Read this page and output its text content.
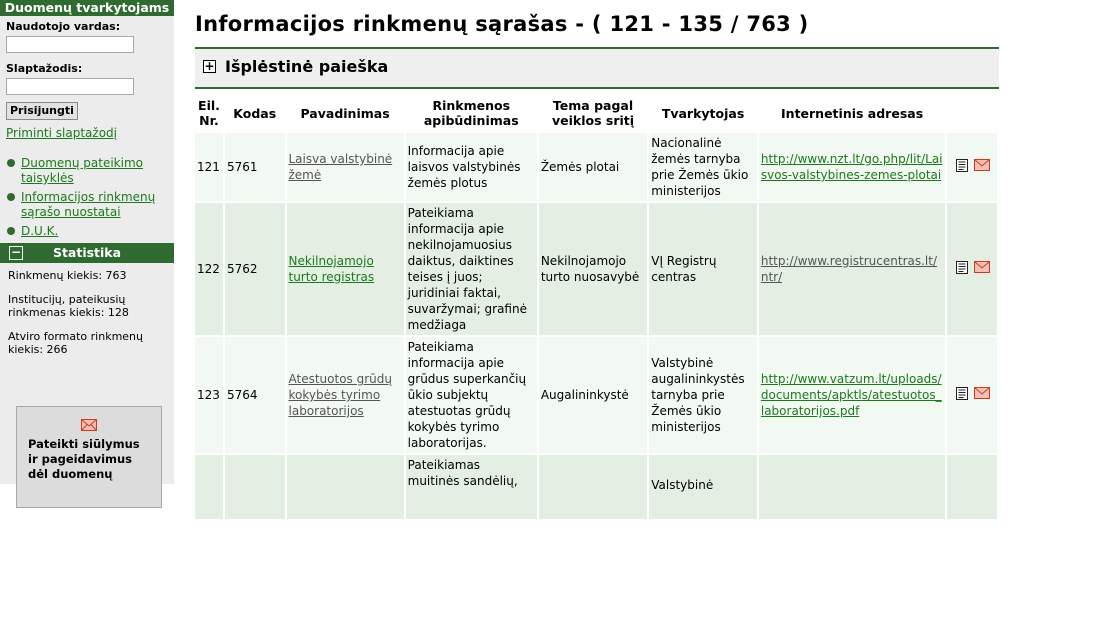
Duomenų tvarkytojams
Naudotojo vardas:
Slaptažodis:
Prisijungti
Priminti slaptažodį
Duomenų pateikimo taisyklės
Informacijos rinkmenų sąrašo nuostatai
D.U.K.
−	Statistika
Rinkmenų kiekis: 763
Institucijų, pateikusių rinkmenas kiekis: 128
Atviro formato rinkmenų kiekis: 266
Pateikti siūlymus ir pageidavimus dėl duomenų
Informacijos rinkmenų sąrašas - ( 121 - 135 / 763 )
+ Išplėstinė paieška
Eil. Nr.	Kodas	Pavadinimas	Rinkmenos apibūdinimas	Tema pagal veiklos sritį	Tvarkytojas	Internetinis adresas	
121	5761	Laisva valstybinė žemė	Informacija apie laisvos valstybinės žemės plotus	Žemės plotai	Nacionalinė žemės tarnyba prie Žemės ūkio ministerijos	http://www.nzt.lt/go.php/lit/Laisvos-valstybines-zemes-plotai	

122	5762	Nekilnojamojo turto registras	Pateikiama informacija apie nekilnojamuosius daiktus, daiktines teises į juos; juridiniai faktai, suvaržymai; grafinė medžiaga	Nekilnojamojo turto nuosavybė	VĮ Registrų centras	http://www.registrucentras.lt/ntr/	

123	5764	Atestuotos grūdų kokybės tyrimo laboratorijos	Pateikiama informacija apie grūdus superkančių ūkio subjektų atestuotas grūdų kokybės tyrimo laboratorijas.	Augalininkystė	Valstybinė augalininkystės tarnyba prie Žemės ūkio ministerijos	http://www.vatzum.lt/uploads/documents/apktls/atestuotos_laboratorijos.pdf	

			Pateikiamas muitinės sandėlių,		Valstybinė		
